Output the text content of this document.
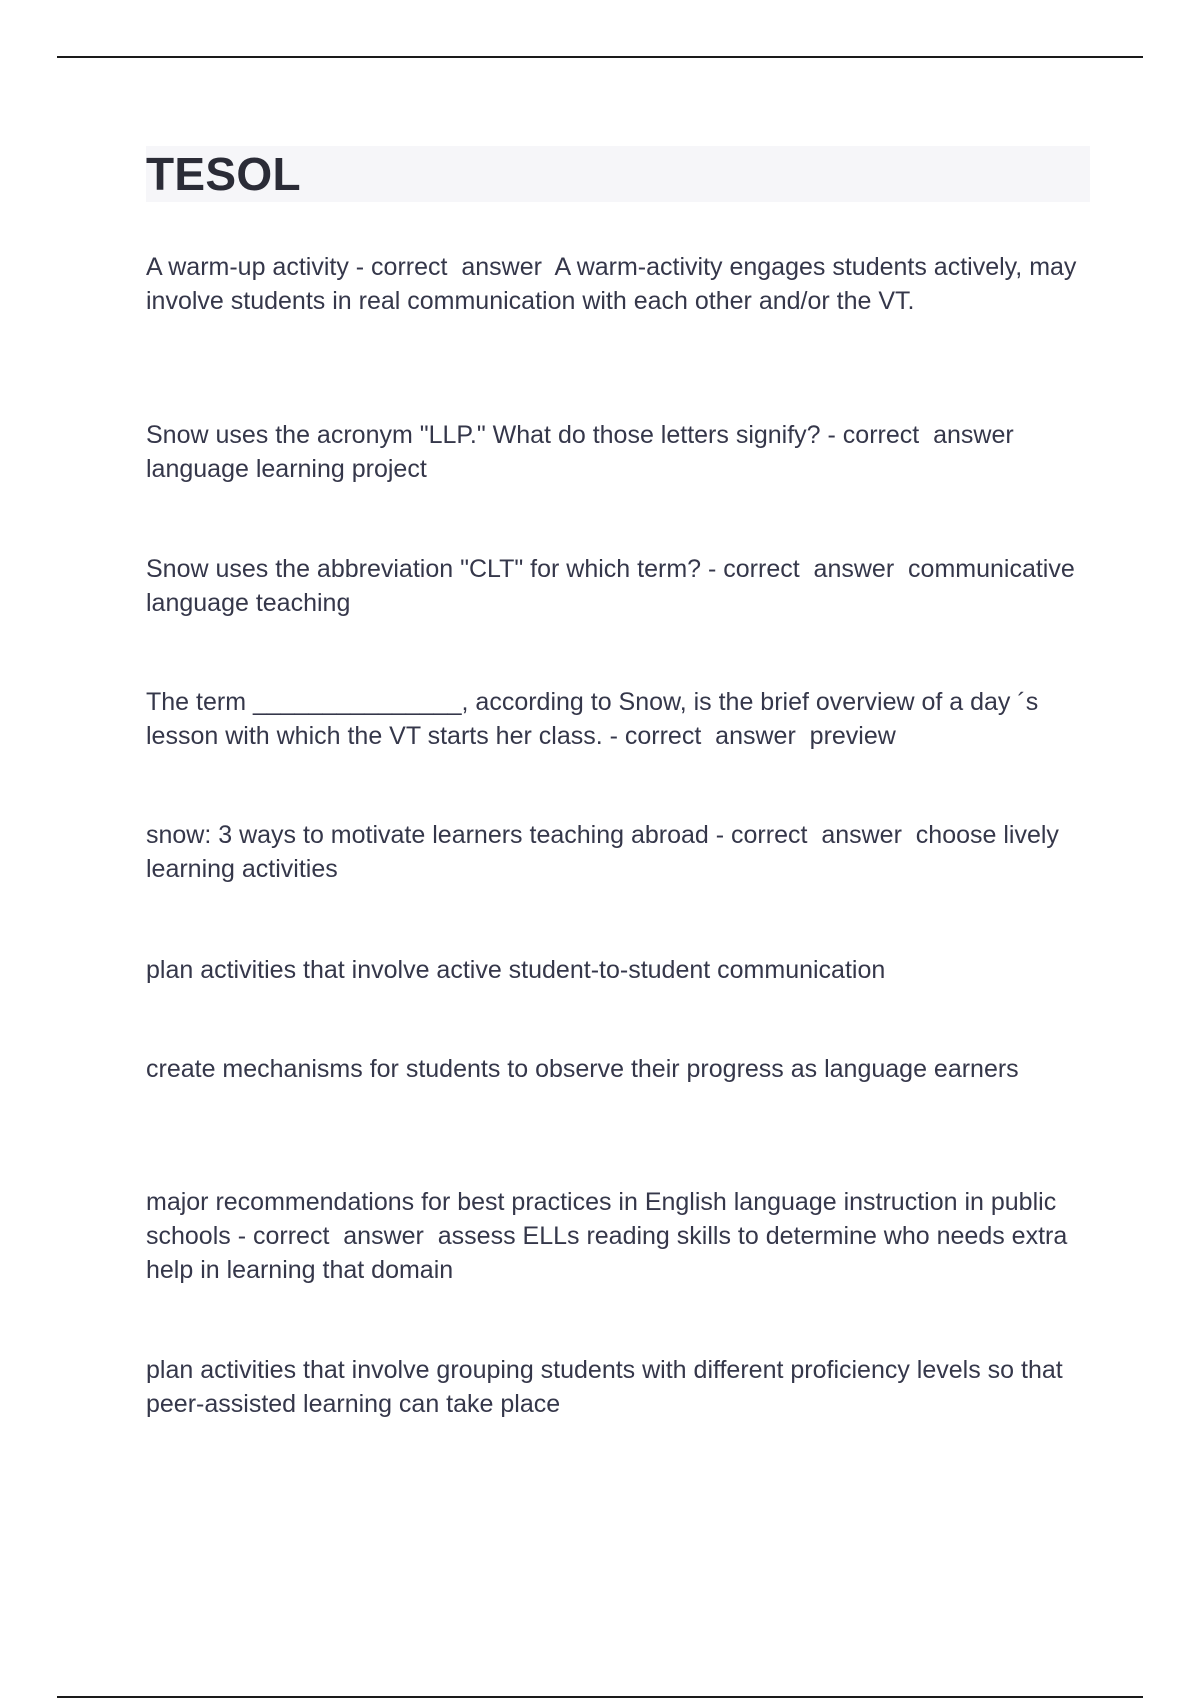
TESOL

A warm-up activity - correct  answer  A warm-activity engages students actively, may involve students in real communication with each other and/or the VT.

Snow uses the acronym "LLP." What do those letters signify? - correct  answer  language learning project

Snow uses the abbreviation "CLT" for which term? - correct  answer  communicative language teaching

The term _______________, according to Snow, is the brief overview of a day ´s lesson with which the VT starts her class. - correct  answer  preview

snow: 3 ways to motivate learners teaching abroad - correct  answer  choose lively learning activities

plan activities that involve active student-to-student communication

create mechanisms for students to observe their progress as language earners

major recommendations for best practices in English language instruction in public schools - correct  answer  assess ELLs reading skills to determine who needs extra help in learning that domain

plan activities that involve grouping students with different proficiency levels so that peer-assisted learning can take place
